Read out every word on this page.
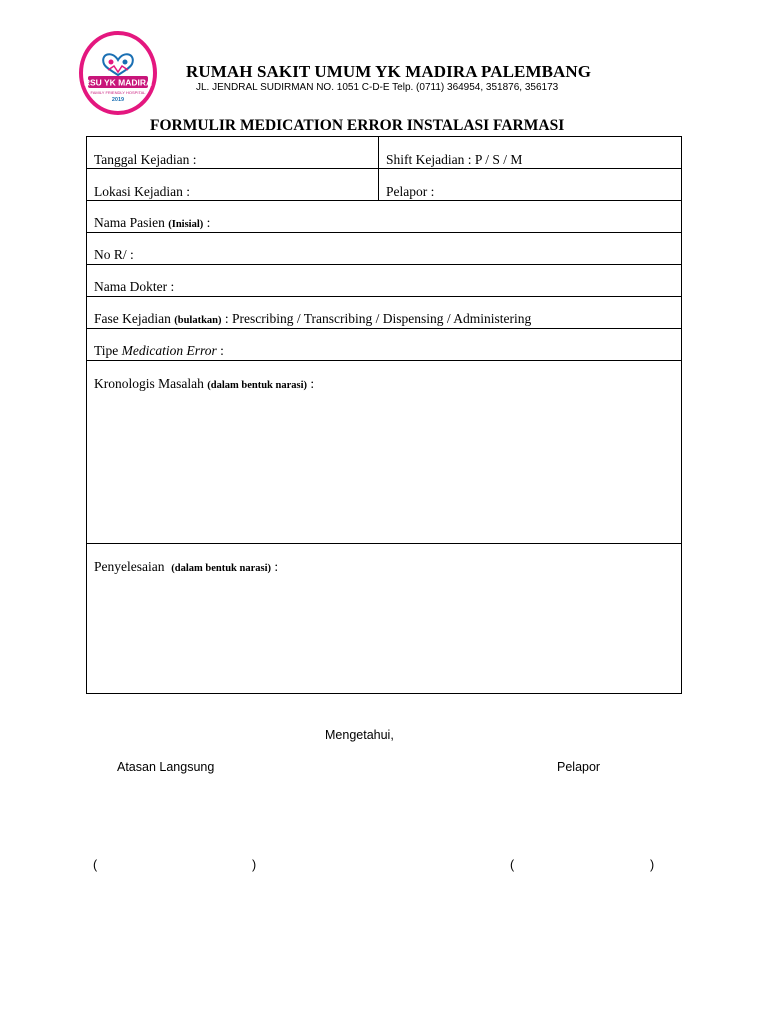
RSU YK MADIRA
FAMILY FRIENDLY HOSPITAL
2019
RUMAH SAKIT UMUM YK MADIRA PALEMBANG
JL. JENDRAL SUDIRMAN NO. 1051 C-D-E Telp. (0711) 364954, 351876, 356173
FORMULIR MEDICATION ERROR INSTALASI FARMASI
Tanggal Kejadian :	Shift Kejadian : P / S / M
Lokasi Kejadian :	Pelapor :
Nama Pasien (Inisial) :
No R/ :
Nama Dokter :
Fase Kejadian (bulatkan) : Prescribing / Transcribing / Dispensing / Administering
Tipe Medication Error :
Kronologis Masalah (dalam bentuk narasi) :
Penyelesaian (dalam bentuk narasi) :
Mengetahui,
Atasan Langsung	Pelapor
(	)	(	)
